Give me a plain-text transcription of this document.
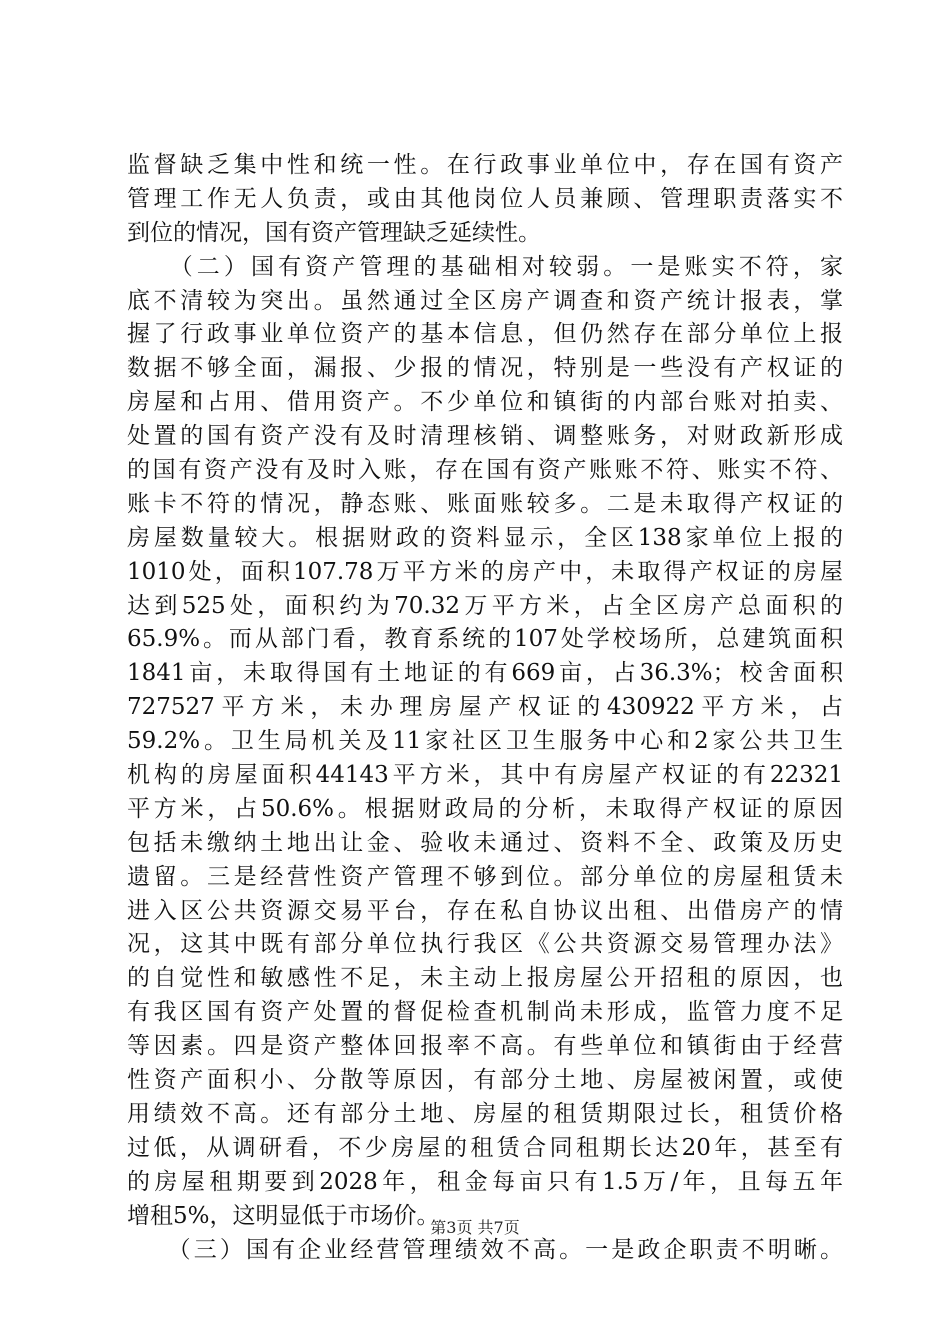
监督缺乏集中性和统一性。在行政事业单位中，存在国有资产
管理工作无人负责，或由其他岗位人员兼顾、管理职责落实不
到位的情况，国有资产管理缺乏延续性。
　　（二）国有资产管理的基础相对较弱。一是账实不符，家
底不清较为突出。虽然通过全区房产调查和资产统计报表，掌
握了行政事业单位资产的基本信息，但仍然存在部分单位上报
数据不够全面，漏报、少报的情况，特别是一些没有产权证的
房屋和占用、借用资产。不少单位和镇街的内部台账对拍卖、
处置的国有资产没有及时清理核销、调整账务，对财政新形成
的国有资产没有及时入账，存在国有资产账账不符、账实不符、
账卡不符的情况，静态账、账面账较多。二是未取得产权证的
房屋数量较大。根据财政的资料显示，全区138家单位上报的
1010处，面积107.78万平方米的房产中，未取得产权证的房屋
达到525处，面积约为70.32万平方米，占全区房产总面积的
65.9%。而从部门看，教育系统的107处学校场所，总建筑面积
1841亩，未取得国有土地证的有669亩，占36.3%；校舍面积
727527平方米，未办理房屋产权证的430922平方米，占
59.2%。卫生局机关及11家社区卫生服务中心和2家公共卫生
机构的房屋面积44143平方米，其中有房屋产权证的有22321
平方米，占50.6%。根据财政局的分析，未取得产权证的原因
包括未缴纳土地出让金、验收未通过、资料不全、政策及历史
遗留。三是经营性资产管理不够到位。部分单位的房屋租赁未
进入区公共资源交易平台，存在私自协议出租、出借房产的情
况，这其中既有部分单位执行我区《公共资源交易管理办法》
的自觉性和敏感性不足，未主动上报房屋公开招租的原因，也
有我区国有资产处置的督促检查机制尚未形成，监管力度不足
等因素。四是资产整体回报率不高。有些单位和镇街由于经营
性资产面积小、分散等原因，有部分土地、房屋被闲置，或使
用绩效不高。还有部分土地、房屋的租赁期限过长，租赁价格
过低，从调研看，不少房屋的租赁合同租期长达20年，甚至有
的房屋租期要到2028年，租金每亩只有1.5万/年，且每五年
增租5%，这明显低于市场价。
　　（三）国有企业经营管理绩效不高。一是政企职责不明晰。
第3页 共7页
